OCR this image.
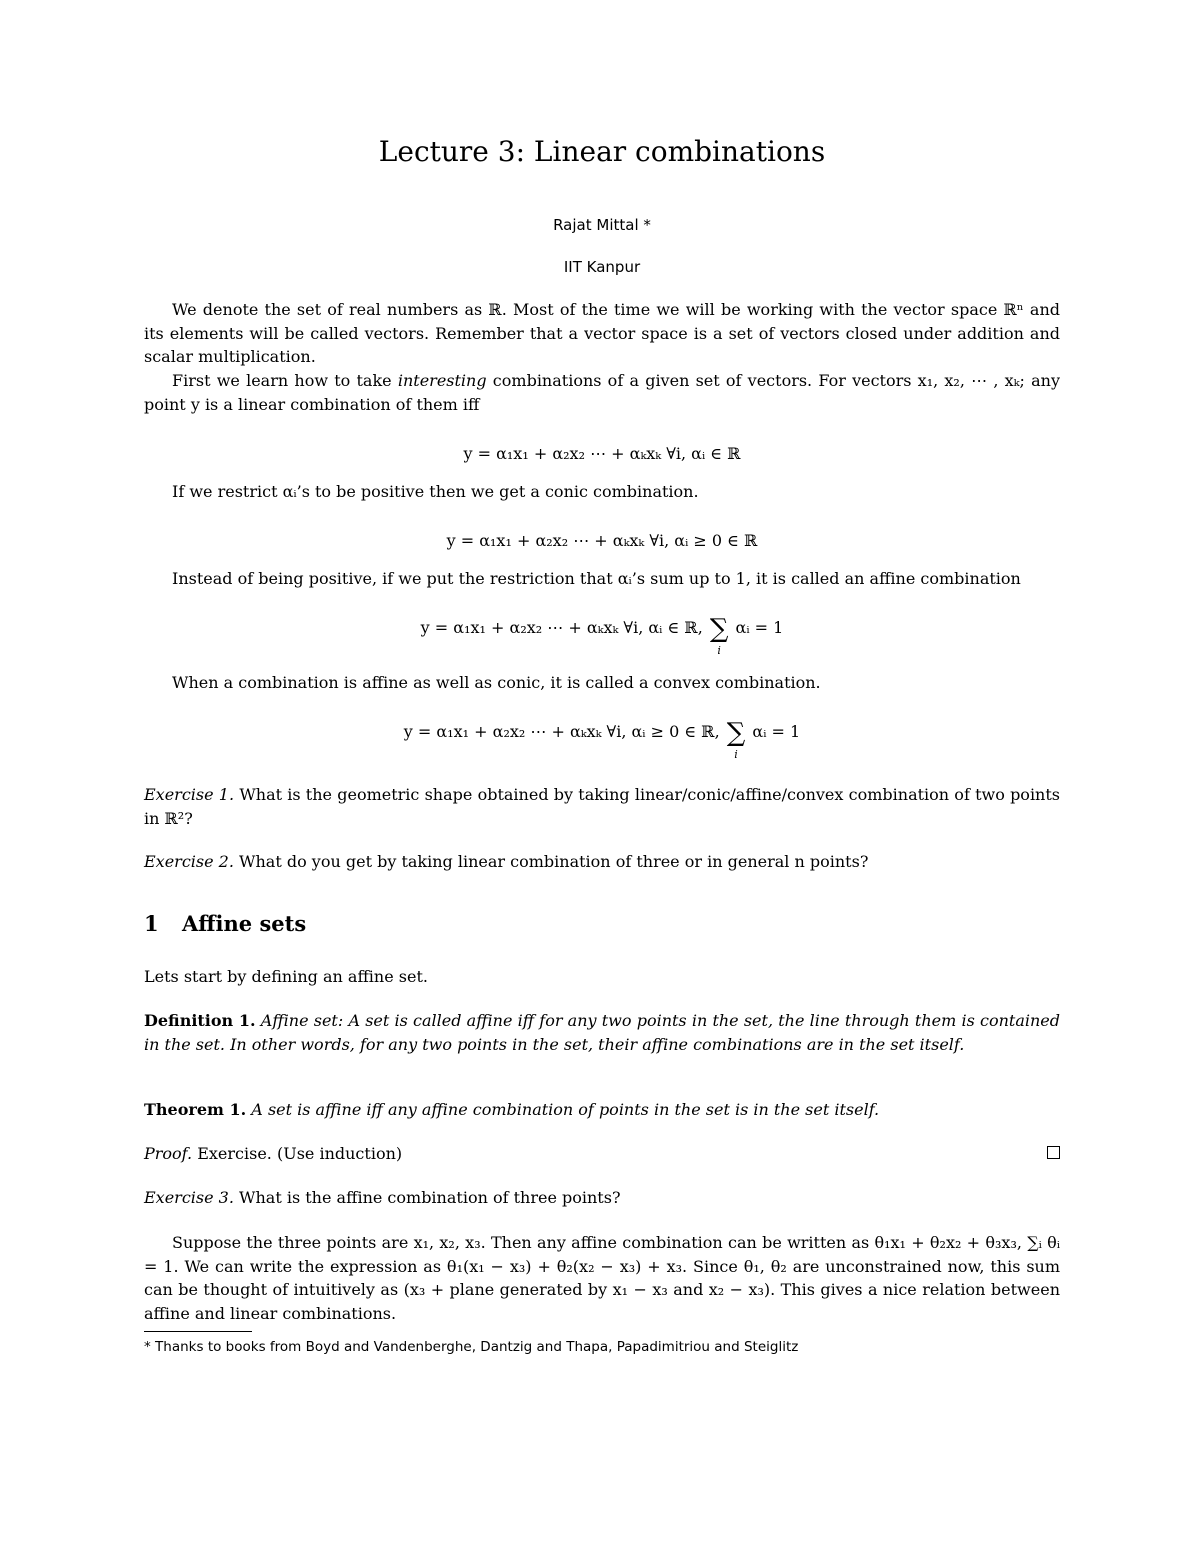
Lecture 3: Linear combinations
Rajat Mittal *
IIT Kanpur
We denote the set of real numbers as ℝ. Most of the time we will be working with the vector space ℝⁿ and its elements will be called vectors. Remember that a vector space is a set of vectors closed under addition and scalar multiplication.
First we learn how to take interesting combinations of a given set of vectors. For vectors x₁, x₂, ⋯ , xₖ; any point y is a linear combination of them iff
y = α₁x₁ + α₂x₂ ⋯ + αₖxₖ ∀i, αᵢ ∈ ℝ
If we restrict αᵢ’s to be positive then we get a conic combination.
y = α₁x₁ + α₂x₂ ⋯ + αₖxₖ ∀i, αᵢ ≥ 0 ∈ ℝ
Instead of being positive, if we put the restriction that αᵢ’s sum up to 1, it is called an affine combination
y = α₁x₁ + α₂x₂ ⋯ + αₖxₖ ∀i, αᵢ ∈ ℝ, ∑
i
αᵢ = 1
When a combination is affine as well as conic, it is called a convex combination.
y = α₁x₁ + α₂x₂ ⋯ + αₖxₖ ∀i, αᵢ ≥ 0 ∈ ℝ, ∑
i
αᵢ = 1
Exercise 1. What is the geometric shape obtained by taking linear/conic/affine/convex combination of two points in ℝ²?
Exercise 2. What do you get by taking linear combination of three or in general n points?
1 Affine sets
Lets start by defining an affine set.
Definition 1. Affine set: A set is called affine iff for any two points in the set, the line through them is contained in the set. In other words, for any two points in the set, their affine combinations are in the set itself.
Theorem 1. A set is affine iff any affine combination of points in the set is in the set itself.
Proof. Exercise. (Use induction)
Exercise 3. What is the affine combination of three points?
Suppose the three points are x₁, x₂, x₃. Then any affine combination can be written as θ₁x₁ + θ₂x₂ + θ₃x₃, ∑ᵢ θᵢ = 1. We can write the expression as θ₁(x₁ − x₃) + θ₂(x₂ − x₃) + x₃. Since θ₁, θ₂ are unconstrained now, this sum can be thought of intuitively as (x₃ + plane generated by x₁ − x₃ and x₂ − x₃). This gives a nice relation between affine and linear combinations.
* Thanks to books from Boyd and Vandenberghe, Dantzig and Thapa, Papadimitriou and Steiglitz
